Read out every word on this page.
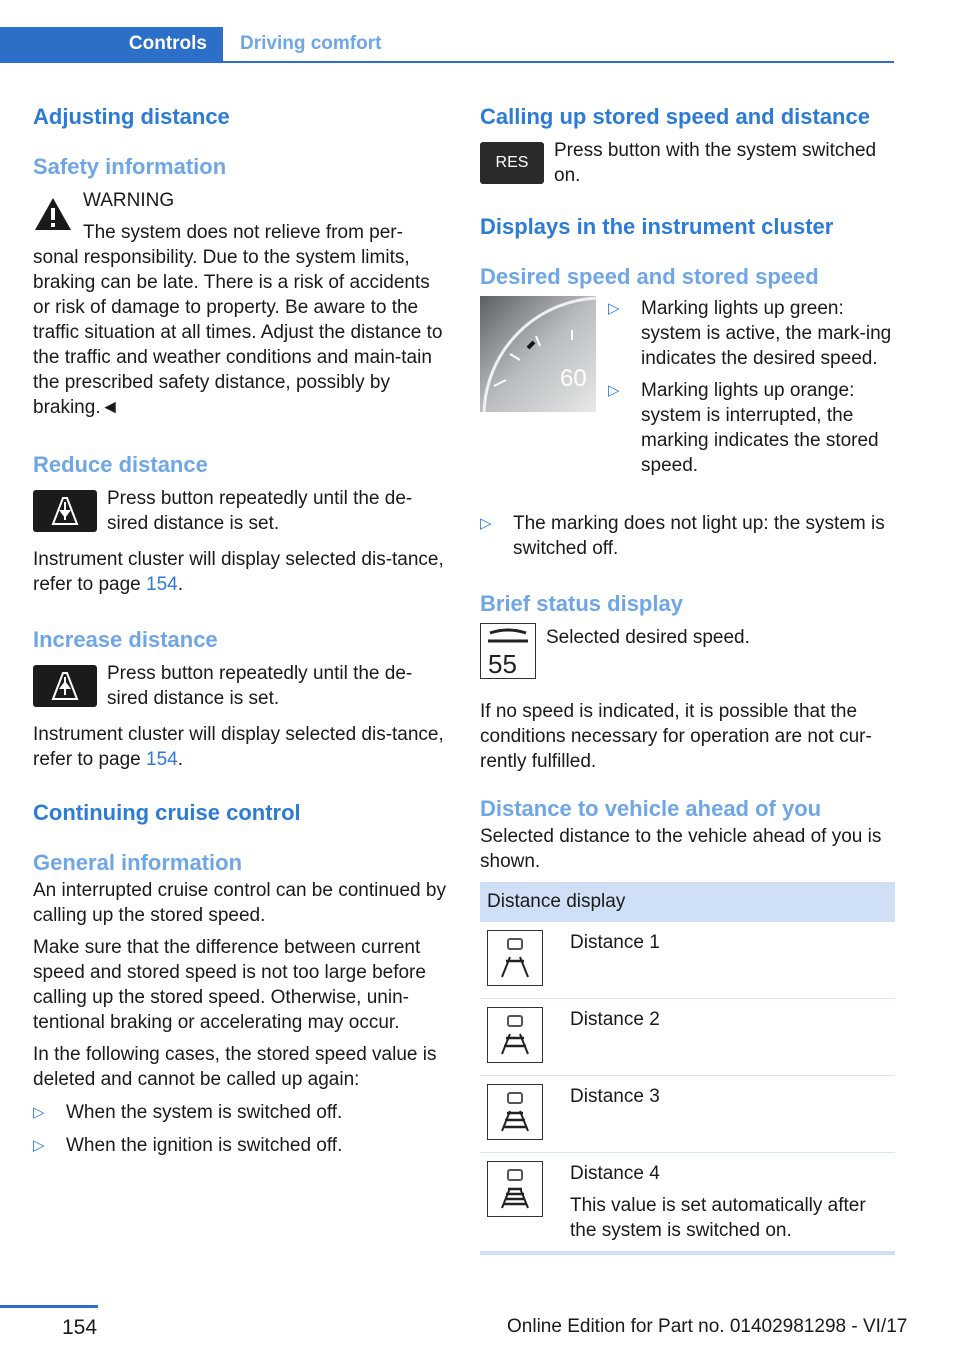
Controls Driving comfort
Adjusting distance
Safety information

WARNING

The system does not relieve from per-sonal responsibility. Due to the system limits, braking can be late. There is a risk of accidents or risk of damage to property. Be aware to the traffic situation at all times. Adjust the distance to the traffic and weather conditions and main-tain the prescribed safety distance, possibly by braking.◄

Reduce distance

Press button repeatedly until the de-sired distance is set.

Instrument cluster will display selected dis-tance, refer to page 154.

Increase distance

Press button repeatedly until the de-sired distance is set.

Instrument cluster will display selected dis-tance, refer to page 154.

Continuing cruise control
General information

An interrupted cruise control can be continued by calling up the stored speed.

Make sure that the difference between current speed and stored speed is not too large before calling up the stored speed. Otherwise, unin-tentional braking or accelerating may occur.

In the following cases, the stored speed value is deleted and cannot be called up again:

▷ When the system is switched off.
▷ When the ignition is switched off.
Calling up stored speed and distance
RES

Press button with the system switched on.

Displays in the instrument cluster
Desired speed and stored speed
60
▷ Marking lights up green: system is active, the mark-ing indicates the desired speed.
▷ Marking lights up orange: system is interrupted, the marking indicates the stored speed.
▷ The marking does not light up: the system is switched off.
Brief status display
55

Selected desired speed.

If no speed is indicated, it is possible that the conditions necessary for operation are not cur-rently fulfilled.

Distance to vehicle ahead of you

Selected distance to the vehicle ahead of you is shown.

Distance display
Distance 1
Distance 2
Distance 3
Distance 4
This value is set automatically after the system is switched on.
154	Online Edition for Part no. 01402981298 - VI/17
